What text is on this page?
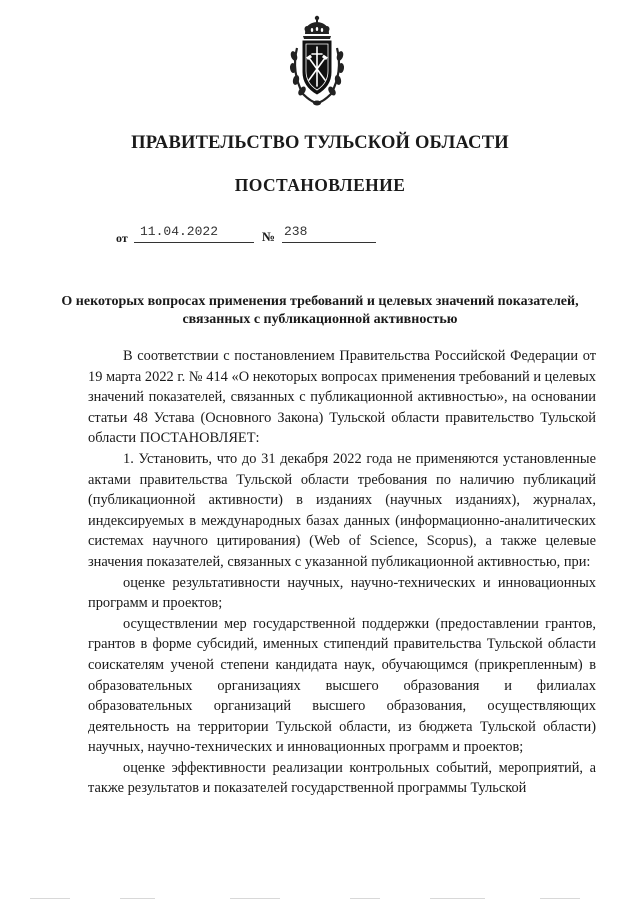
ПРАВИТЕЛЬСТВО ТУЛЬСКОЙ ОБЛАСТИ
ПОСТАНОВЛЕНИЕ
от 11.04.2022	№ 238
О некоторых вопросах применения требований и целевых значений показателей, связанных с публикационной активностью

В соответствии с постановлением Правительства Российской Федерации от 19 марта 2022 г. № 414 «О некоторых вопросах применения требований и целевых значений показателей, связанных с публикационной активностью», на основании статьи 48 Устава (Основного Закона) Тульской области правительство Тульской области ПОСТАНОВЛЯЕТ:

1. Установить, что до 31 декабря 2022 года не применяются установленные актами правительства Тульской области требования по наличию публикаций (публикационной активности) в изданиях (научных изданиях), журналах, индексируемых в международных базах данных (информационно-аналитических системах научного цитирования) (Web of Science, Scopus), а также целевые значения показателей, связанных с указанной публикационной активностью, при:

оценке результативности научных, научно-технических и инновационных программ и проектов;

осуществлении мер государственной поддержки (предоставлении грантов, грантов в форме субсидий, именных стипендий правительства Тульской области соискателям ученой степени кандидата наук, обучающимся (прикрепленным) в образовательных организациях высшего образования и филиалах образовательных организаций высшего образования, осуществляющих деятельность на территории Тульской области, из бюджета Тульской области) научных, научно-технических и инновационных программ и проектов;

оценке эффективности реализации контрольных событий, мероприятий, а также результатов и показателей государственной программы Тульской
